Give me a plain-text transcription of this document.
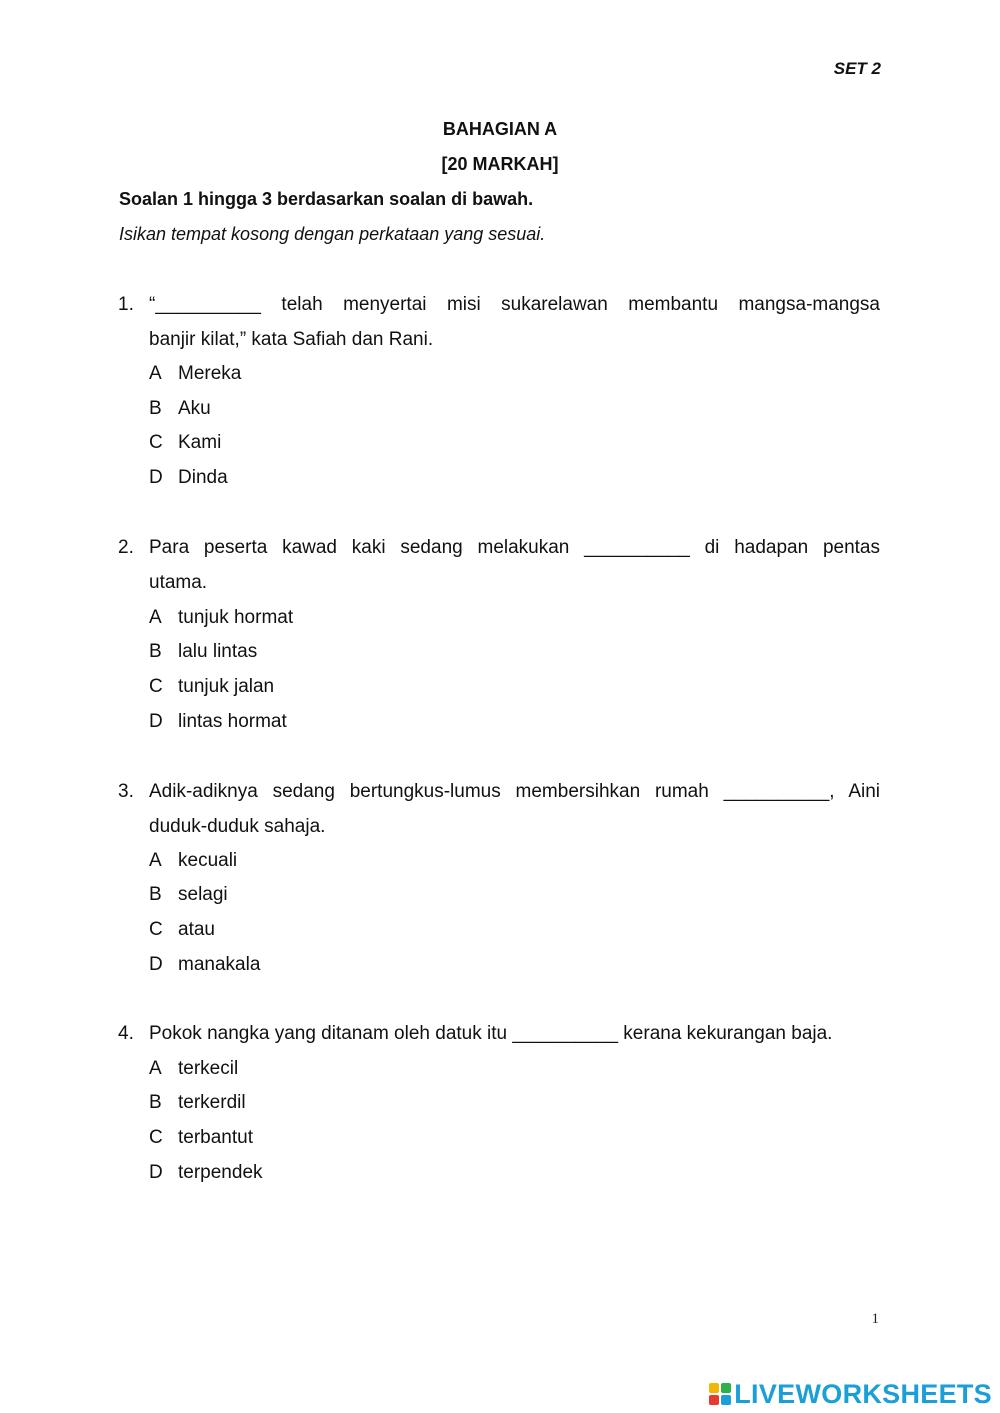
SET 2
BAHAGIAN A
[20 MARKAH]
Soalan 1 hingga 3 berdasarkan soalan di bawah.
Isikan tempat kosong dengan perkataan yang sesuai.
1. “__________ telah menyertai misi sukarelawan membantu mangsa-mangsa
banjir kilat,” kata Safiah dan Rani.
A Mereka
B Aku
C Kami
D Dinda
2. Para peserta kawad kaki sedang melakukan __________ di hadapan pentas
utama.
A tunjuk hormat
B lalu lintas
C tunjuk jalan
D lintas hormat
3. Adik-adiknya sedang bertungkus-lumus membersihkan rumah __________, Aini
duduk-duduk sahaja.
A kecuali
B selagi
C atau
D manakala
4. Pokok nangka yang ditanam oleh datuk itu __________ kerana kekurangan baja.
A terkecil
B terkerdil
C terbantut
D terpendek
1
LIVEWORKSHEETS
